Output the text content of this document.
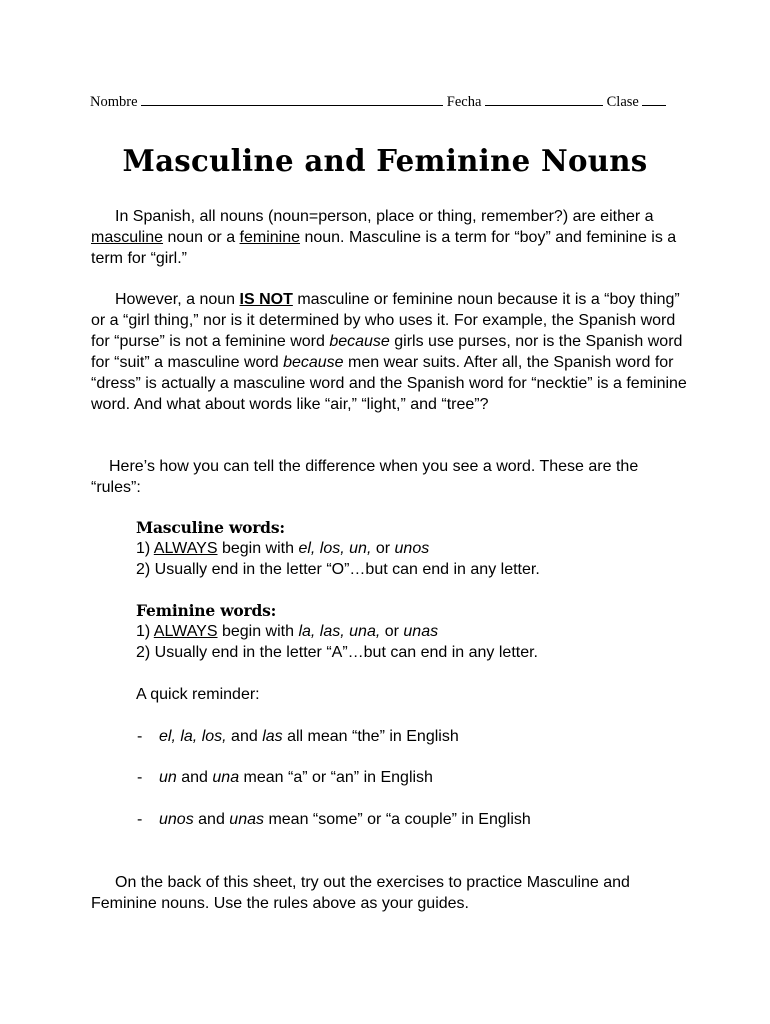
Nombre	Fecha	Clase
Masculine and Feminine Nouns

In Spanish, all nouns (noun=person, place or thing, remember?) are either a masculine noun or a feminine noun. Masculine is a term for “boy” and feminine is a term for “girl.”

However, a noun IS NOT masculine or feminine noun because it is a “boy thing” or a “girl thing,” nor is it determined by who uses it. For example, the Spanish word for “purse” is not a feminine word because girls use purses, nor is the Spanish word for “suit” a masculine word because men wear suits. After all, the Spanish word for “dress” is actually a masculine word and the Spanish word for “necktie” is a feminine word. And what about words like “air,” “light,” and “tree”?

Here’s how you can tell the difference when you see a word. These are the “rules”:

Masculine words:
1) ALWAYS begin with el, los, un, or unos
2) Usually end in the letter “O”…but can end in any letter.
Feminine words:
1) ALWAYS begin with la, las, una, or unas
2) Usually end in the letter “A”…but can end in any letter.
A quick reminder:
- el, la, los, and las all mean “the” in English
- un and una mean “a” or “an” in English
- unos and unas mean “some” or “a couple” in English

On the back of this sheet, try out the exercises to practice Masculine and Feminine nouns. Use the rules above as your guides.
